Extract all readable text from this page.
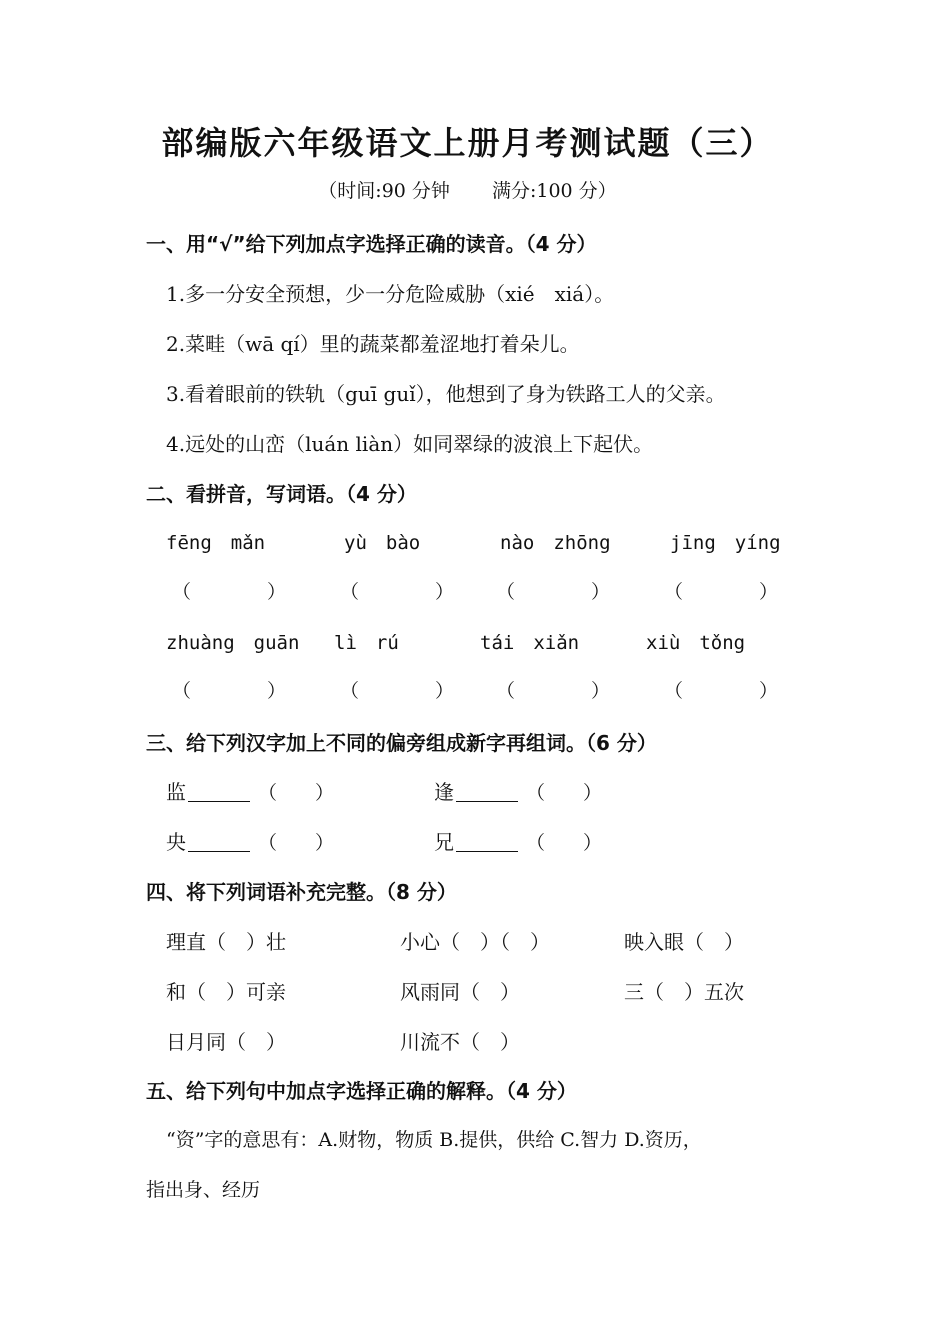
部编版六年级语文上册月考测试题（三）
（时间:90 分钟 满分:100 分）
一、用“√”给下列加点字选择正确的读音。（4 分）
1.多一分安全预想，少一分危险威胁（xié　xiá）。
2.菜畦（wā qí）里的蔬菜都羞涩地打着朵儿。
3.看着眼前的铁轨（guī guǐ），他想到了身为铁路工人的父亲。
4.远处的山峦（luán liàn）如同翠绿的波浪上下起伏。
二、看拼音，写词语。（4 分）
fēng　mǎn	yù　bào	nào　zhōng	jīng　yíng
（　　　　）	（　　　　） （　　　　）	（　　　　）
zhuàng　guān lì　rú	tái　xiǎn	xiù　tǒng
（　　　　）	（　　　　） （　　　　）	（　　　　）
三、给下列汉字加上不同的偏旁组成新字再组词。（6 分）
监	（　　）	逢	（　　）
央	（　　）	兄	（　　）
四、将下列词语补充完整。（8 分）
理直（　）壮	小心（　）（　）	映入眼（　）
和（　）可亲	风雨同（　）	三（　）五次
日月同（　）	川流不（　）
五、给下列句中加点字选择正确的解释。（4 分）
“资”字的意思有：A.财物，物质 B.提供，供给 C.智力 D.资历，
指出身、经历
